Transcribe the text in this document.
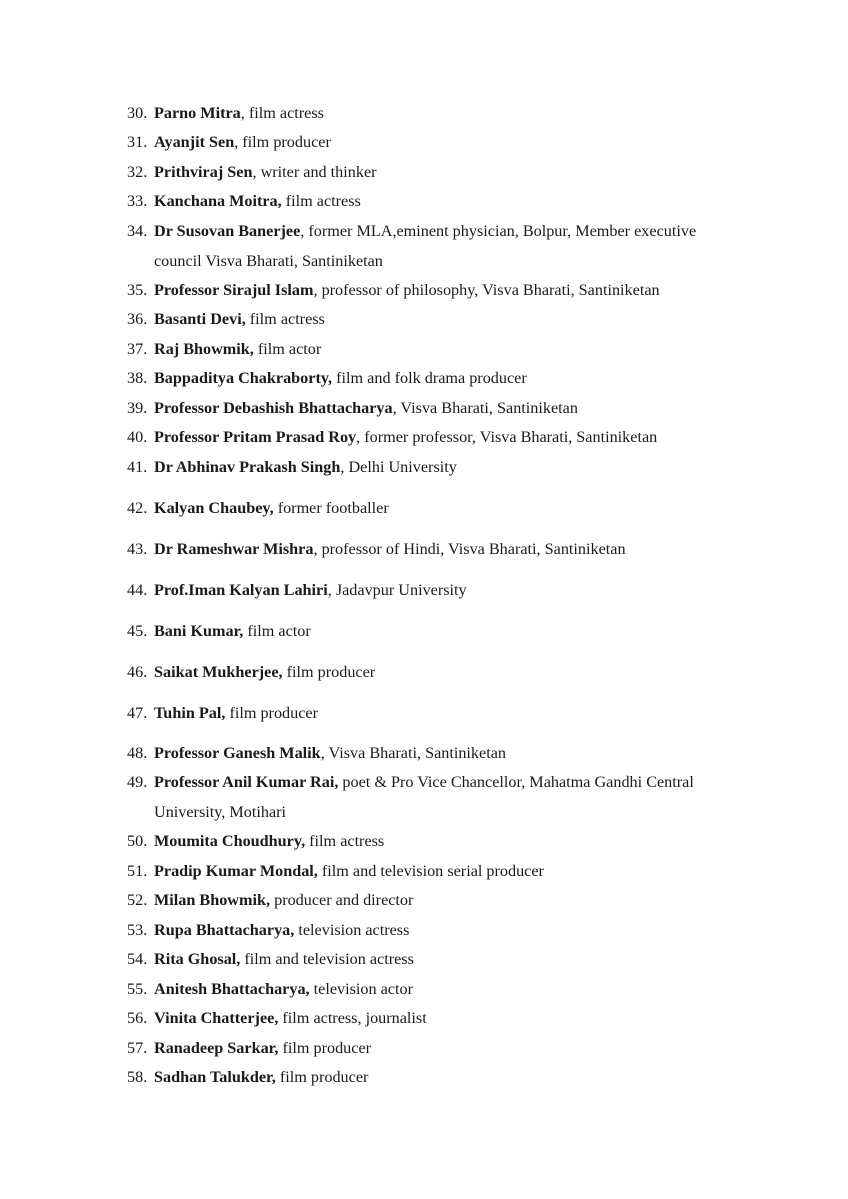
30. Parno Mitra, film actress
31. Ayanjit Sen, film producer
32. Prithviraj Sen, writer and thinker
33. Kanchana Moitra, film actress
34. Dr Susovan Banerjee, former MLA,eminent physician, Bolpur, Member executive
council Visva Bharati, Santiniketan
35. Professor Sirajul Islam, professor of philosophy, Visva Bharati, Santiniketan
36. Basanti Devi, film actress
37. Raj Bhowmik, film actor
38. Bappaditya Chakraborty, film and folk drama producer
39. Professor Debashish Bhattacharya, Visva Bharati, Santiniketan
40. Professor Pritam Prasad Roy, former professor, Visva Bharati, Santiniketan
41. Dr Abhinav Prakash Singh, Delhi University
42. Kalyan Chaubey, former footballer
43. Dr Rameshwar Mishra, professor of Hindi, Visva Bharati, Santiniketan
44. Prof.Iman Kalyan Lahiri, Jadavpur University
45. Bani Kumar, film actor
46. Saikat Mukherjee, film producer
47. Tuhin Pal, film producer
48. Professor Ganesh Malik, Visva Bharati, Santiniketan
49. Professor Anil Kumar Rai, poet & Pro Vice Chancellor, Mahatma Gandhi Central
University, Motihari
50. Moumita Choudhury, film actress
51. Pradip Kumar Mondal, film and television serial producer
52. Milan Bhowmik, producer and director
53. Rupa Bhattacharya, television actress
54. Rita Ghosal, film and television actress
55. Anitesh Bhattacharya, television actor
56. Vinita Chatterjee, film actress, journalist
57. Ranadeep Sarkar, film producer
58. Sadhan Talukder, film producer
